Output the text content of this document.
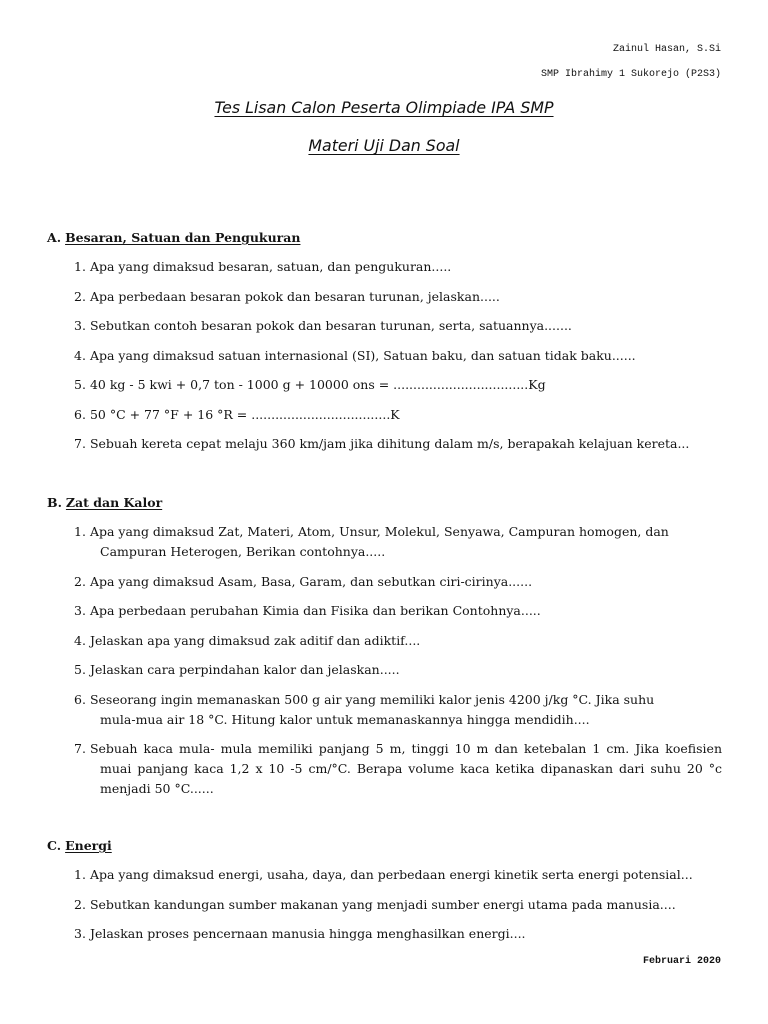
Zainul Hasan, S.Si
SMP Ibrahimy 1 Sukorejo (P2S3)
Tes Lisan Calon Peserta Olimpiade IPA SMP
Materi Uji Dan Soal
A. Besaran, Satuan dan Pengukuran
1. Apa yang dimaksud besaran, satuan, dan pengukuran.....
2. Apa perbedaan besaran pokok dan besaran turunan, jelaskan.....
3. Sebutkan contoh besaran pokok dan besaran turunan, serta, satuannya.......
4. Apa yang dimaksud satuan internasional (SI), Satuan baku, dan satuan tidak baku......
5. 40 kg - 5 kwi + 0,7 ton - 1000 g + 10000 ons = ..................................Kg
6. 50 °C + 77 °F + 16 °R = ...................................K
7. Sebuah kereta cepat melaju 360 km/jam jika dihitung dalam m/s, berapakah kelajuan kereta...
B. Zat dan Kalor
1. Apa yang dimaksud Zat, Materi, Atom, Unsur, Molekul, Senyawa, Campuran homogen, dan
Campuran Heterogen, Berikan contohnya.....
2. Apa yang dimaksud Asam, Basa, Garam, dan sebutkan ciri-cirinya......
3. Apa perbedaan perubahan Kimia dan Fisika dan berikan Contohnya.....
4. Jelaskan apa yang dimaksud zak aditif dan adiktif....
5. Jelaskan cara perpindahan kalor dan jelaskan.....
6. Seseorang ingin memanaskan 500 g air yang memiliki kalor jenis 4200 j/kg °C. Jika suhu
mula-mua air 18 °C. Hitung kalor untuk memanaskannya hingga mendidih....
7. Sebuah kaca mula- mula memiliki panjang 5 m, tinggi 10 m dan ketebalan 1 cm. Jika koefisien
muai panjang kaca 1,2 x 10 -5 cm/°C. Berapa volume kaca ketika dipanaskan dari suhu 20 °c
menjadi 50 °C......
C. Energi
1. Apa yang dimaksud energi, usaha, daya, dan perbedaan energi kinetik serta energi potensial...
2. Sebutkan kandungan sumber makanan yang menjadi sumber energi utama pada manusia....
3. Jelaskan proses pencernaan manusia hingga menghasilkan energi....
Februari 2020
